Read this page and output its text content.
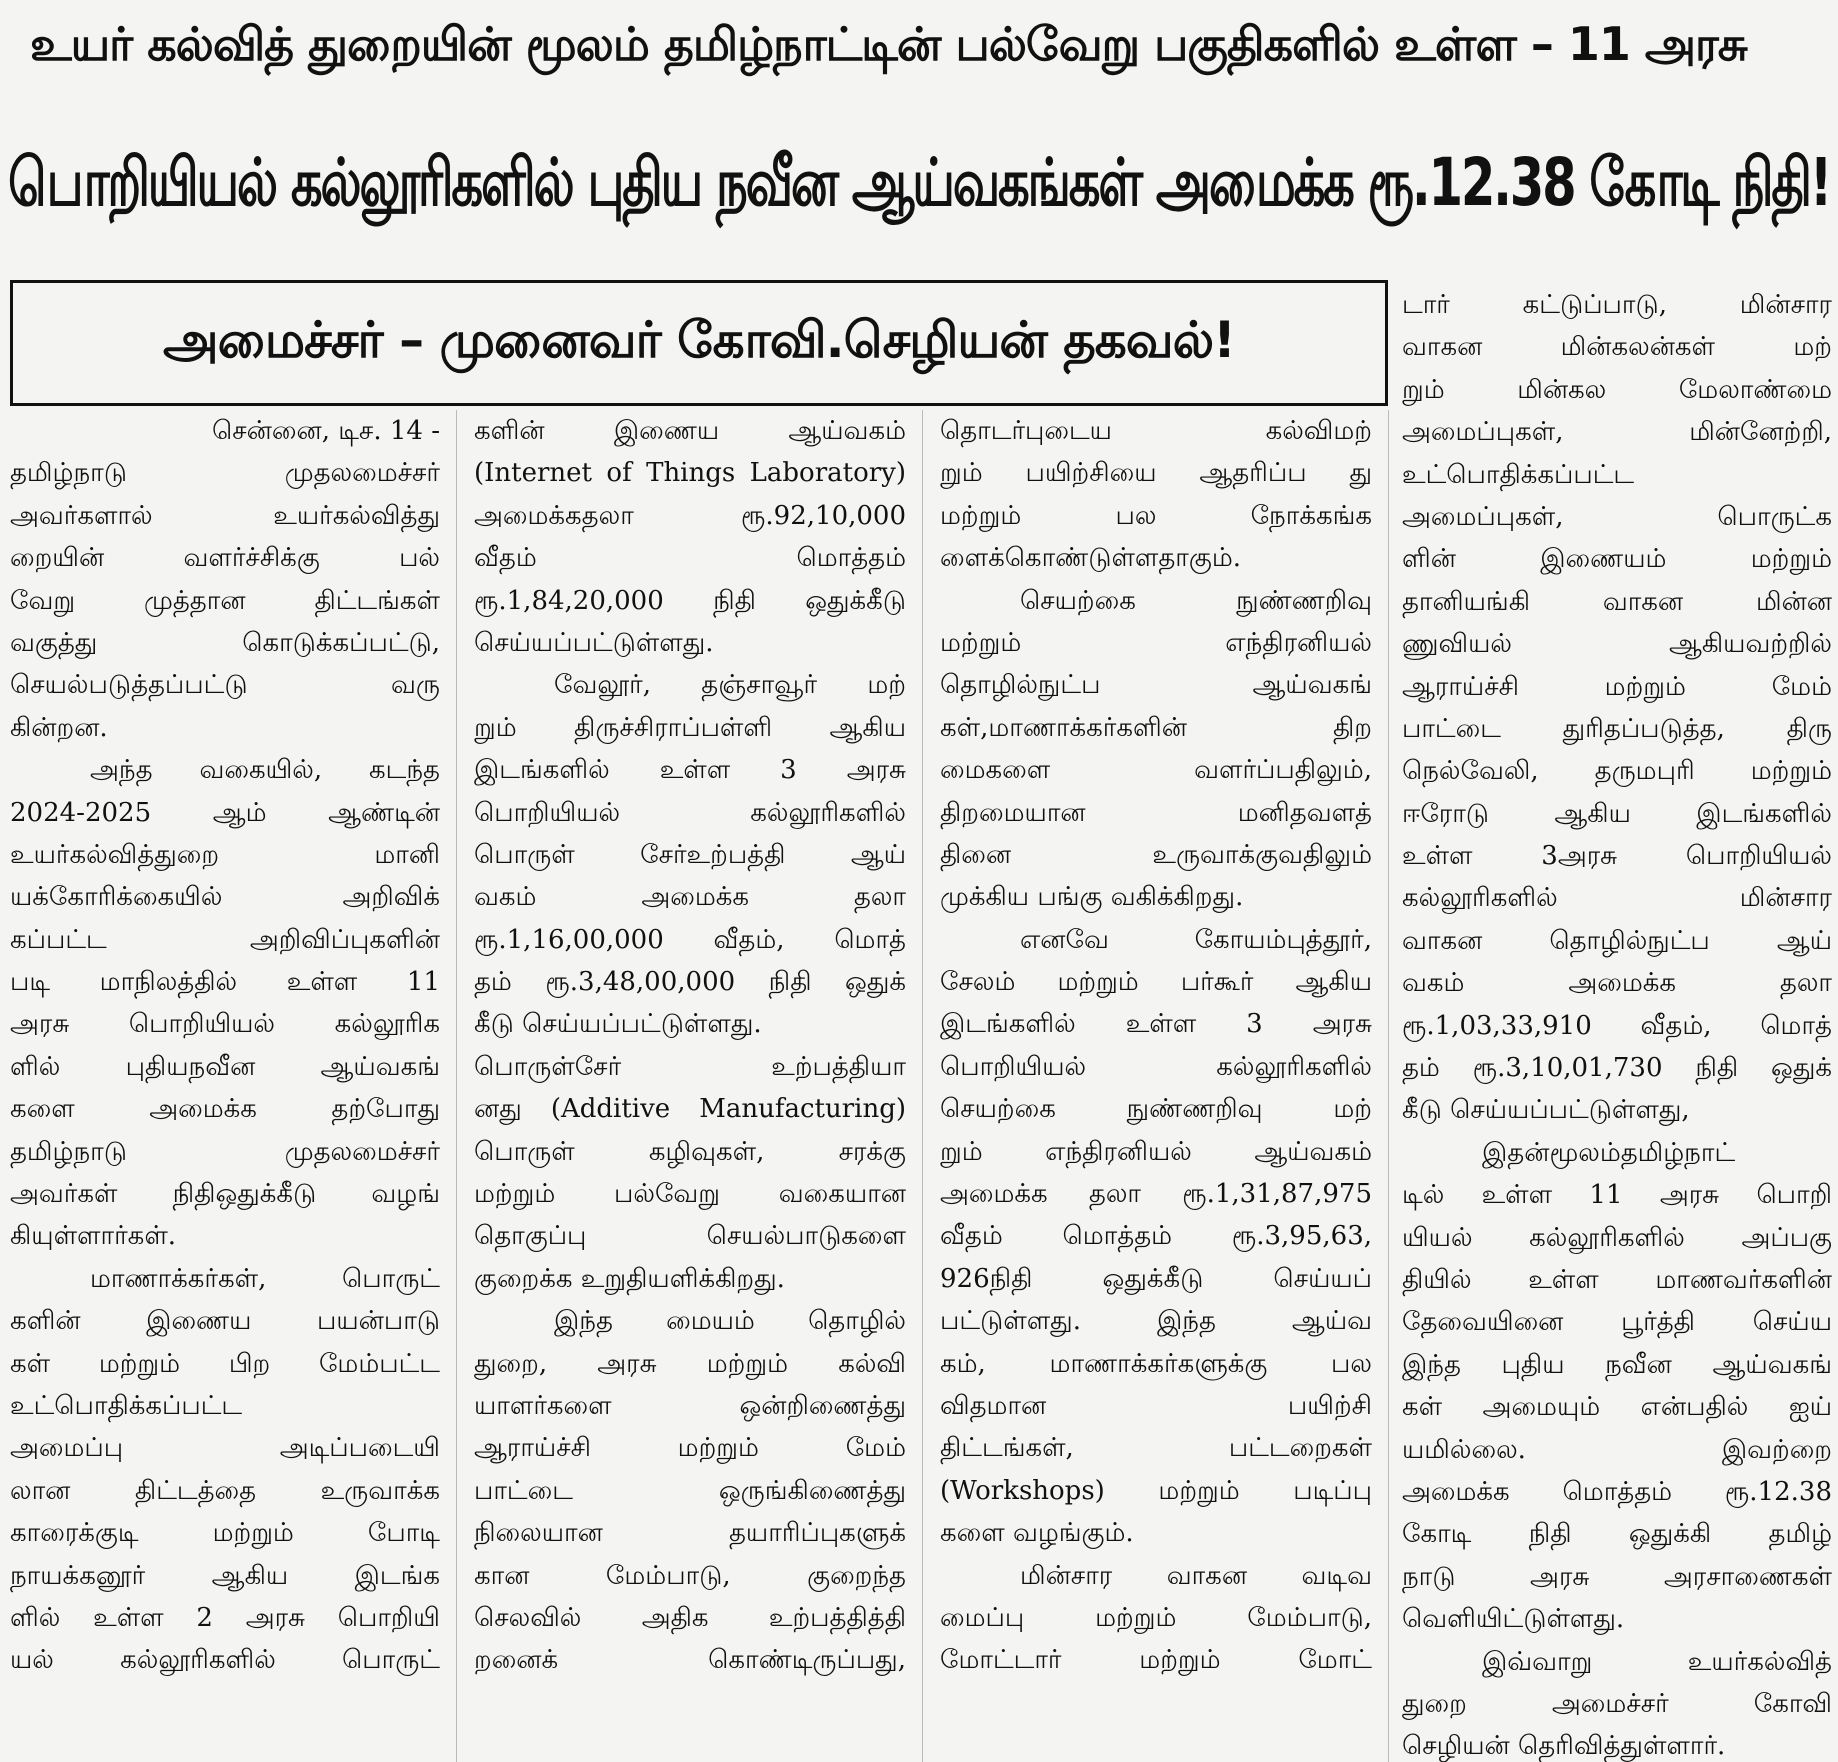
உயர் கல்வித் துறையின் மூலம் தமிழ்நாட்டின் பல்வேறு பகுதிகளில் உள்ள – 11 அரசு
பொறியியல் கல்லூரிகளில் புதிய நவீன ஆய்வகங்கள் அமைக்க ரூ.12.38 கோடி நிதி!
அமைச்சர் – முனைவர் கோவி.செழியன் தகவல்!
சென்னை, டிச. 14 -
தமிழ்நாடு முதலமைச்சர்
அவர்களால் உயர்கல்வித்து
றையின் வளர்ச்சிக்கு பல்
வேறு முத்தான திட்டங்கள்
வகுத்து கொடுக்கப்பட்டு,
செயல்படுத்தப்பட்டு வரு
கின்றன.
அந்த வகையில், கடந்த
2024-2025 ஆம் ஆண்டின்
உயர்கல்வித்துறை மானி
யக்கோரிக்கையில் அறிவிக்
கப்பட்ட அறிவிப்புகளின்
படி மாநிலத்தில் உள்ள 11
அரசு பொறியியல் கல்லூரிக
ளில் புதியநவீன ஆய்வகங்
களை அமைக்க தற்போது
தமிழ்நாடு முதலமைச்சர்
அவர்கள் நிதிஒதுக்கீடு வழங்
கியுள்ளார்கள்.
மாணாக்கர்கள், பொருட்
களின் இணைய பயன்பாடு
கள் மற்றும் பிற மேம்பட்ட
உட்பொதிக்கப்பட்ட
அமைப்பு அடிப்படையி
லான திட்டத்தை உருவாக்க
காரைக்குடி மற்றும் போடி
நாயக்கனூர் ஆகிய இடங்க
ளில் உள்ள 2 அரசு பொறியி
யல் கல்லூரிகளில் பொருட்
களின் இணைய ஆய்வகம்
(Internet of Things Laboratory)
அமைக்கதலா ரூ.92,10,000
வீதம் மொத்தம்
ரூ.1,84,20,000 நிதி ஒதுக்கீடு
செய்யப்பட்டுள்ளது.
வேலூர், தஞ்சாவூர் மற்
றும் திருச்சிராப்பள்ளி ஆகிய
இடங்களில் உள்ள 3 அரசு
பொறியியல் கல்லூரிகளில்
பொருள் சேர்உற்பத்தி ஆய்
வகம் அமைக்க தலா
ரூ.1,16,00,000 வீதம், மொத்
தம் ரூ.3,48,00,000 நிதி ஒதுக்
கீடு செய்யப்பட்டுள்ளது.
பொருள்சேர் உற்பத்தியா
னது (Additive Manufacturing)
பொருள் கழிவுகள், சரக்கு
மற்றும் பல்வேறு வகையான
தொகுப்பு செயல்பாடுகளை
குறைக்க உறுதியளிக்கிறது.
இந்த மையம் தொழில்
துறை, அரசு மற்றும் கல்வி
யாளர்களை ஒன்றிணைத்து
ஆராய்ச்சி மற்றும் மேம்
பாட்டை ஒருங்கிணைத்து
நிலையான தயாரிப்புகளுக்
கான மேம்பாடு, குறைந்த
செலவில் அதிக உற்பத்தித்தி
றனைக் கொண்டிருப்பது,
தொடர்புடைய கல்விமற்
றும் பயிற்சியை ஆதரிப்ப து
மற்றும் பல நோக்கங்க
ளைக்கொண்டுள்ளதாகும்.
செயற்கை நுண்ணறிவு
மற்றும் எந்திரனியல்
தொழில்நுட்ப ஆய்வகங்
கள்,மாணாக்கர்களின் திற
மைகளை வளர்ப்பதிலும்,
திறமையான மனிதவளத்
தினை உருவாக்குவதிலும்
முக்கிய பங்கு வகிக்கிறது.
எனவே கோயம்புத்தூர்,
சேலம் மற்றும் பர்கூர் ஆகிய
இடங்களில் உள்ள 3 அரசு
பொறியியல் கல்லூரிகளில்
செயற்கை நுண்ணறிவு மற்
றும் எந்திரனியல் ஆய்வகம்
அமைக்க தலா ரூ.1,31,87,975
வீதம் மொத்தம் ரூ.3,95,63,
926நிதி ஒதுக்கீடு செய்யப்
பட்டுள்ளது. இந்த ஆய்வ
கம், மாணாக்கர்களுக்கு பல
விதமான பயிற்சி
திட்டங்கள், பட்டறைகள்
(Workshops) மற்றும் படிப்பு
களை வழங்கும்.
மின்சார வாகன வடிவ
மைப்பு மற்றும் மேம்பாடு,
மோட்டார் மற்றும் மோட்
டார் கட்டுப்பாடு, மின்சார
வாகன மின்கலன்கள் மற்
றும் மின்கல மேலாண்மை
அமைப்புகள், மின்னேற்றி,
உட்பொதிக்கப்பட்ட
அமைப்புகள், பொருட்க
ளின் இணையம் மற்றும்
தானியங்கி வாகன மின்ன
ணுவியல் ஆகியவற்றில்
ஆராய்ச்சி மற்றும் மேம்
பாட்டை துரிதப்படுத்த, திரு
நெல்வேலி, தருமபுரி மற்றும்
ஈரோடு ஆகிய இடங்களில்
உள்ள 3அரசு பொறியியல்
கல்லூரிகளில் மின்சார
வாகன தொழில்நுட்ப ஆய்
வகம் அமைக்க தலா
ரூ.1,03,33,910 வீதம், மொத்
தம் ரூ.3,10,01,730 நிதி ஒதுக்
கீடு செய்யப்பட்டுள்ளது,
இதன்மூலம்தமிழ்நாட்
டில் உள்ள 11 அரசு பொறி
யியல் கல்லூரிகளில் அப்பகு
தியில் உள்ள மாணவர்களின்
தேவையினை பூர்த்தி செய்ய
இந்த புதிய நவீன ஆய்வகங்
கள் அமையும் என்பதில் ஐய்
யமில்லை. இவற்றை
அமைக்க மொத்தம் ரூ.12.38
கோடி நிதி ஒதுக்கி தமிழ்
நாடு அரசு அரசாணைகள்
வெளியிட்டுள்ளது.
இவ்வாறு உயர்கல்வித்
துறை அமைச்சர் கோவி
செழியன் தெரிவித்துள்ளார்.
